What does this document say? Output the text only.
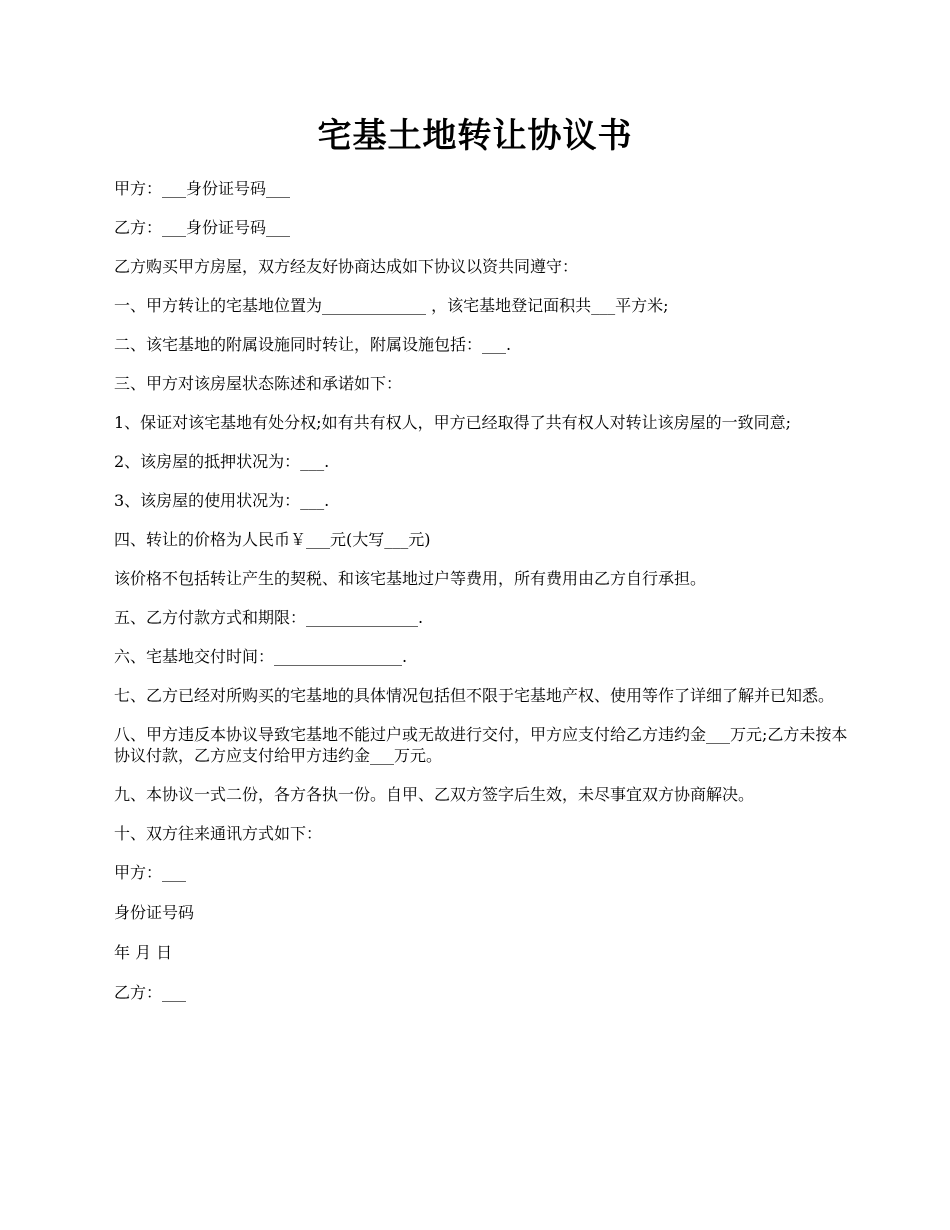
宅基土地转让协议书

甲方：___身份证号码___

乙方：___身份证号码___

乙方购买甲方房屋，双方经友好协商达成如下协议以资共同遵守：

一、甲方转让的宅基地位置为_____________ ，该宅基地登记面积共___平方米;

二、该宅基地的附属设施同时转让，附属设施包括：___.

三、甲方对该房屋状态陈述和承诺如下：

1、保证对该宅基地有处分权;如有共有权人，甲方已经取得了共有权人对转让该房屋的一致同意;

2、该房屋的抵押状况为：___.

3、该房屋的使用状况为：___.

四、转让的价格为人民币￥___元(大写___元)

该价格不包括转让产生的契税、和该宅基地过户等费用，所有费用由乙方自行承担。

五、乙方付款方式和期限：______________.

六、宅基地交付时间：________________.

七、乙方已经对所购买的宅基地的具体情况包括但不限于宅基地产权、使用等作了详细了解并已知悉。

八、甲方违反本协议导致宅基地不能过户或无故进行交付，甲方应支付给乙方违约金___万元;乙方未按本协议付款，乙方应支付给甲方违约金___万元。

九、本协议一式二份，各方各执一份。自甲、乙双方签字后生效，未尽事宜双方协商解决。

十、双方往来通讯方式如下：

甲方：___

身份证号码

年 月 日

乙方：___
